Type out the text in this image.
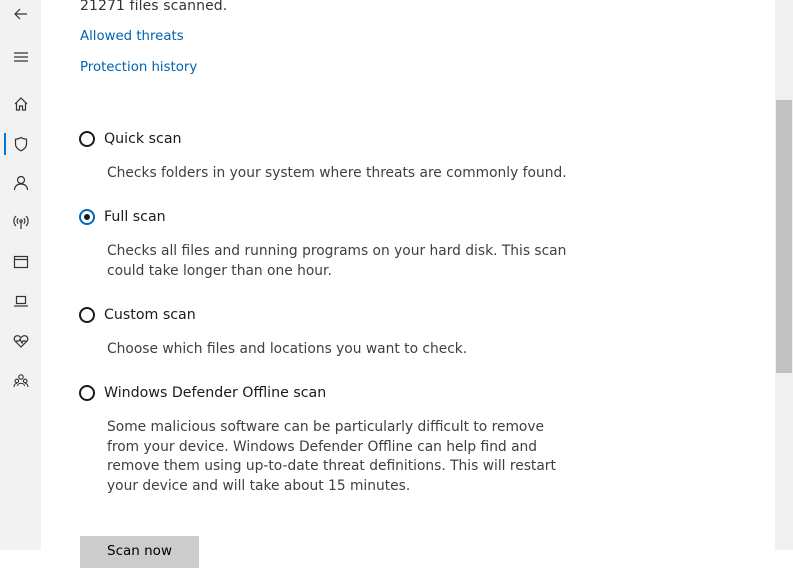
21271 files scanned.
Allowed threats
Protection history
Quick scan
Checks folders in your system where threats are commonly found.
Full scan
Checks all files and running programs on your hard disk. This scan could take longer than one hour.
Custom scan
Choose which files and locations you want to check.
Windows Defender Offline scan
Some malicious software can be particularly difficult to remove from your device. Windows Defender Offline can help find and remove them using up-to-date threat definitions. This will restart your device and will take about 15 minutes.
Scan now
